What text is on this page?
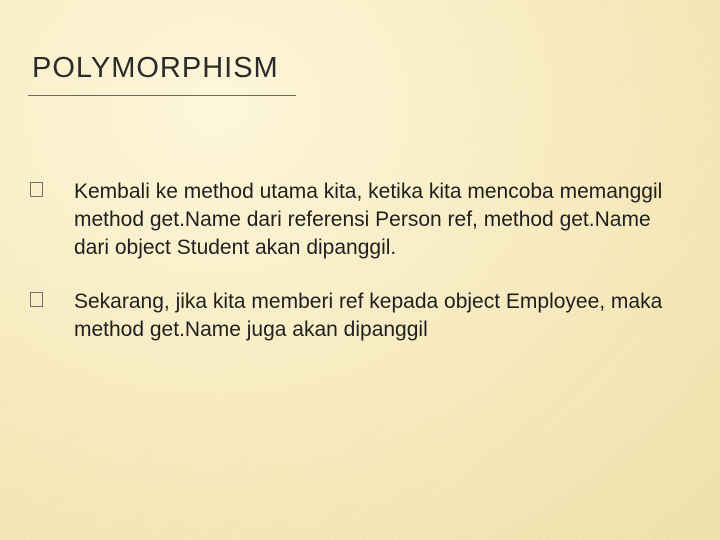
POLYMORPHISM
Kembali ke method utama kita, ketika kita mencoba memanggil method get.Name dari referensi Person ref, method get.Name dari object Student akan dipanggil.
Sekarang, jika kita memberi ref kepada object Employee, maka method get.Name juga akan dipanggil
